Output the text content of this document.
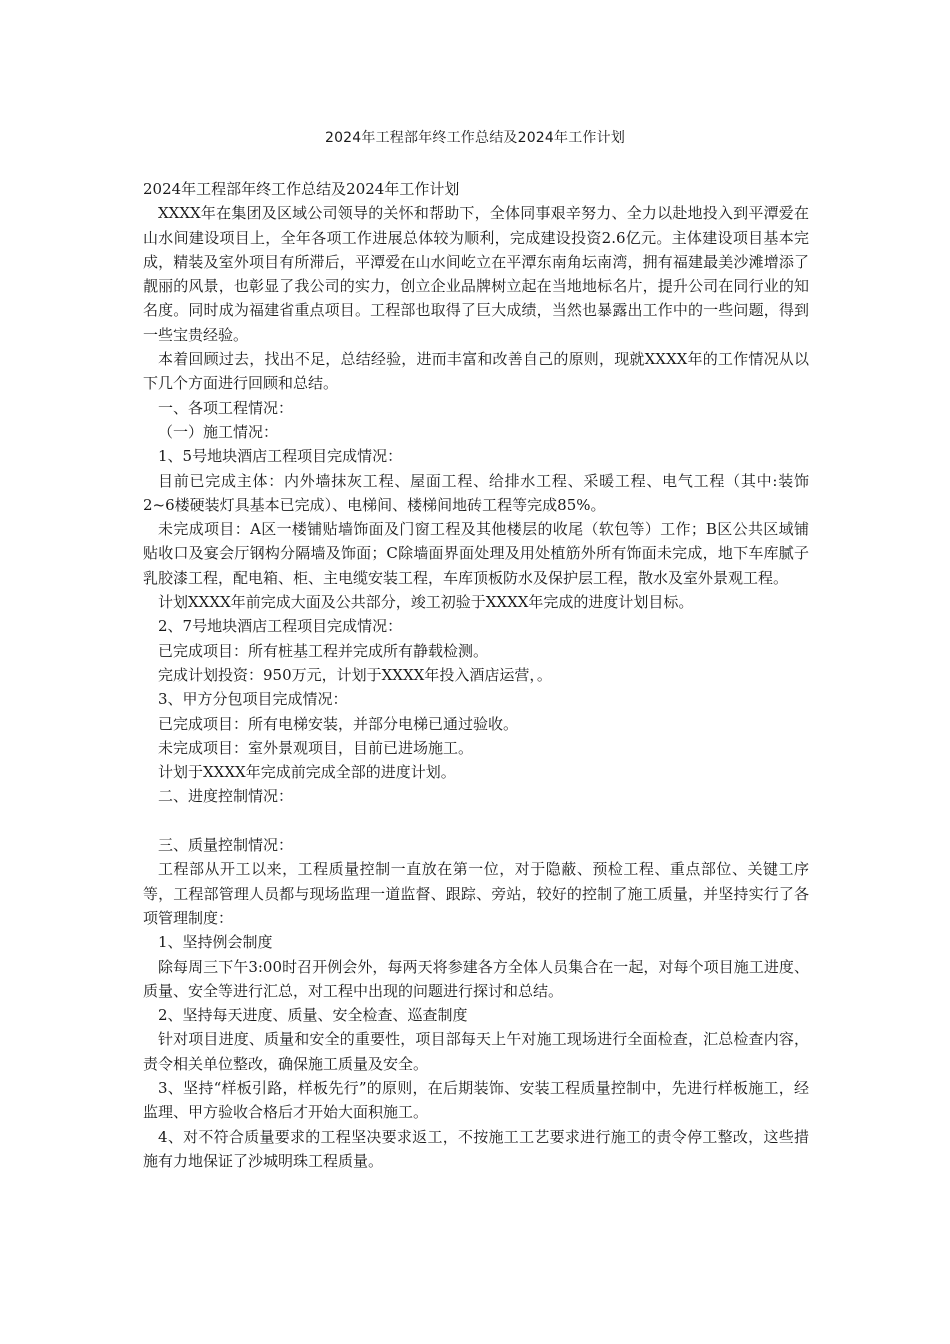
2024年工程部年终工作总结及2024年工作计划

2024年工程部年终工作总结及2024年工作计划

XXXX年在集团及区域公司领导的关怀和帮助下，全体同事艰辛努力、全力以赴地投入到平潭爱在山水间建设项目上，全年各项工作进展总体较为顺利，完成建设投资2.6亿元。主体建设项目基本完成，精装及室外项目有所滞后，平潭爱在山水间屹立在平潭东南角坛南湾，拥有福建最美沙滩增添了靓丽的风景，也彰显了我公司的实力，创立企业品牌树立起在当地地标名片，提升公司在同行业的知名度。同时成为福建省重点项目。工程部也取得了巨大成绩，当然也暴露出工作中的一些问题，得到一些宝贵经验。

本着回顾过去，找出不足，总结经验，进而丰富和改善自己的原则，现就XXXX年的工作情况从以下几个方面进行回顾和总结。

一、各项工程情况：

（一）施工情况：

1、5号地块酒店工程项目完成情况：

目前已完成主体：内外墙抹灰工程、屋面工程、给排水工程、采暖工程、电气工程（其中:装饰2~6楼硬装灯具基本已完成）、电梯间、楼梯间地砖工程等完成85%。

未完成项目：A区一楼铺贴墙饰面及门窗工程及其他楼层的收尾（软包等）工作；B区公共区域铺贴收口及宴会厅钢构分隔墙及饰面；C除墙面界面处理及用处植筋外所有饰面未完成，地下车库腻子乳胶漆工程，配电箱、柜、主电缆安装工程，车库顶板防水及保护层工程，散水及室外景观工程。

计划XXXX年前完成大面及公共部分，竣工初验于XXXX年完成的进度计划目标。

2、7号地块酒店工程项目完成情况：

已完成项目：所有桩基工程并完成所有静载检测。

完成计划投资：950万元，计划于XXXX年投入酒店运营，。

3、甲方分包项目完成情况：

已完成项目：所有电梯安装，并部分电梯已通过验收。

未完成项目：室外景观项目，目前已进场施工。

计划于XXXX年完成前完成全部的进度计划。

二、进度控制情况：

三、质量控制情况：

工程部从开工以来，工程质量控制一直放在第一位，对于隐蔽、预检工程、重点部位、关键工序等，工程部管理人员都与现场监理一道监督、跟踪、旁站，较好的控制了施工质量，并坚持实行了各项管理制度：

1、坚持例会制度

除每周三下午3:00时召开例会外，每两天将参建各方全体人员集合在一起，对每个项目施工进度、质量、安全等进行汇总，对工程中出现的问题进行探讨和总结。

2、坚持每天进度、质量、安全检查、巡查制度

针对项目进度、质量和安全的重要性，项目部每天上午对施工现场进行全面检查，汇总检查内容，责令相关单位整改，确保施工质量及安全。

3、坚持“样板引路，样板先行”的原则，在后期装饰、安装工程质量控制中，先进行样板施工，经监理、甲方验收合格后才开始大面积施工。

4、对不符合质量要求的工程坚决要求返工，不按施工工艺要求进行施工的责令停工整改，这些措施有力地保证了沙城明珠工程质量。
